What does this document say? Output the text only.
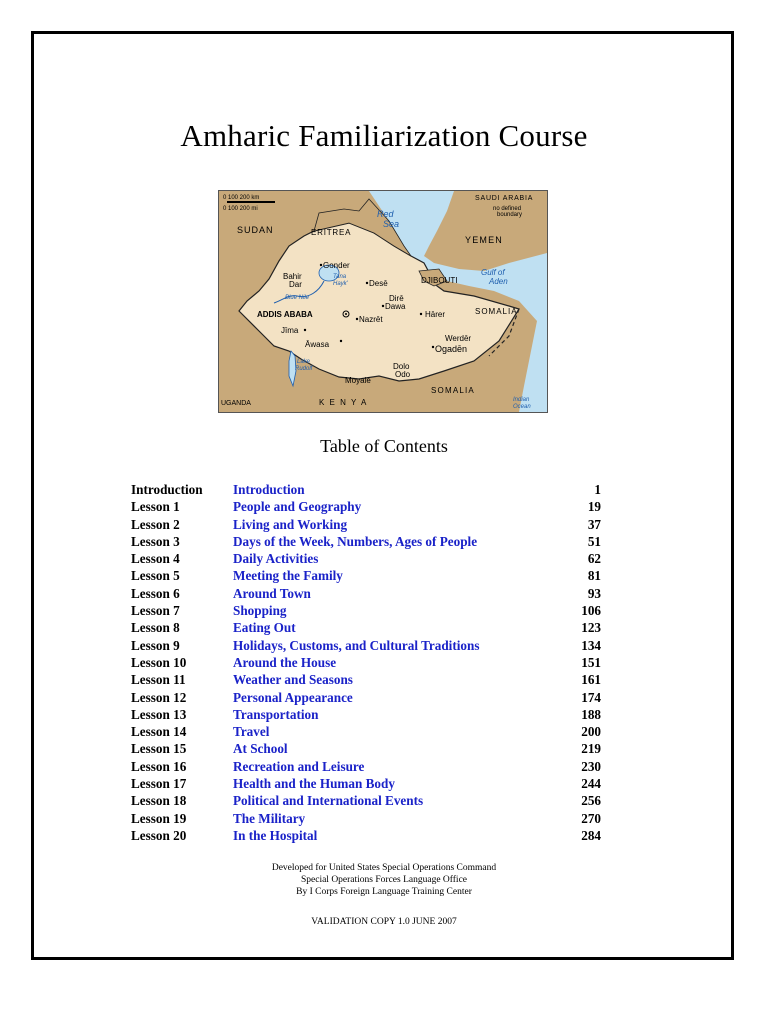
Amharic Familiarization Course
0 100 200 km
0 100 200 mi
SAUDI ARABIA
no defined
boundary
SUDAN	ERITREA
Red
Sea
YEMEN
Gonder
Bahir
Dar
Tana
Hayk'	Desē	DJIBOUTI
Gulf of
Aden
Blue Nile	Dirē
Dawa
Hārer	SOMALIA
ADDIS ABABA
Nazrēt
Jīma
Werdēr
Ogadēn
Āwasa
Lake
Rudolf	Dolo
Odo
Moyalē
SOMALIA
UGANDA	K E N Y A	Indian
Ocean
Table of Contents
Introduction Introduction	1
Lesson 1	People and Geography	19
Lesson 2	Living and Working	37
Lesson 3	Days of the Week, Numbers, Ages of People	51
Lesson 4	Daily Activities	62
Lesson 5	Meeting the Family	81
Lesson 6	Around Town	93
Lesson 7	Shopping	106
Lesson 8	Eating Out	123
Lesson 9	Holidays, Customs, and Cultural Traditions	134
Lesson 10	Around the House	151
Lesson 11	Weather and Seasons	161
Lesson 12	Personal Appearance	174
Lesson 13	Transportation	188
Lesson 14	Travel	200
Lesson 15	At School	219
Lesson 16	Recreation and Leisure	230
Lesson 17	Health and the Human Body	244
Lesson 18	Political and International Events	256
Lesson 19	The Military	270
Lesson 20	In the Hospital	284
Developed for United States Special Operations Command
Special Operations Forces Language Office
By I Corps Foreign Language Training Center
VALIDATION COPY 1.0 JUNE 2007
